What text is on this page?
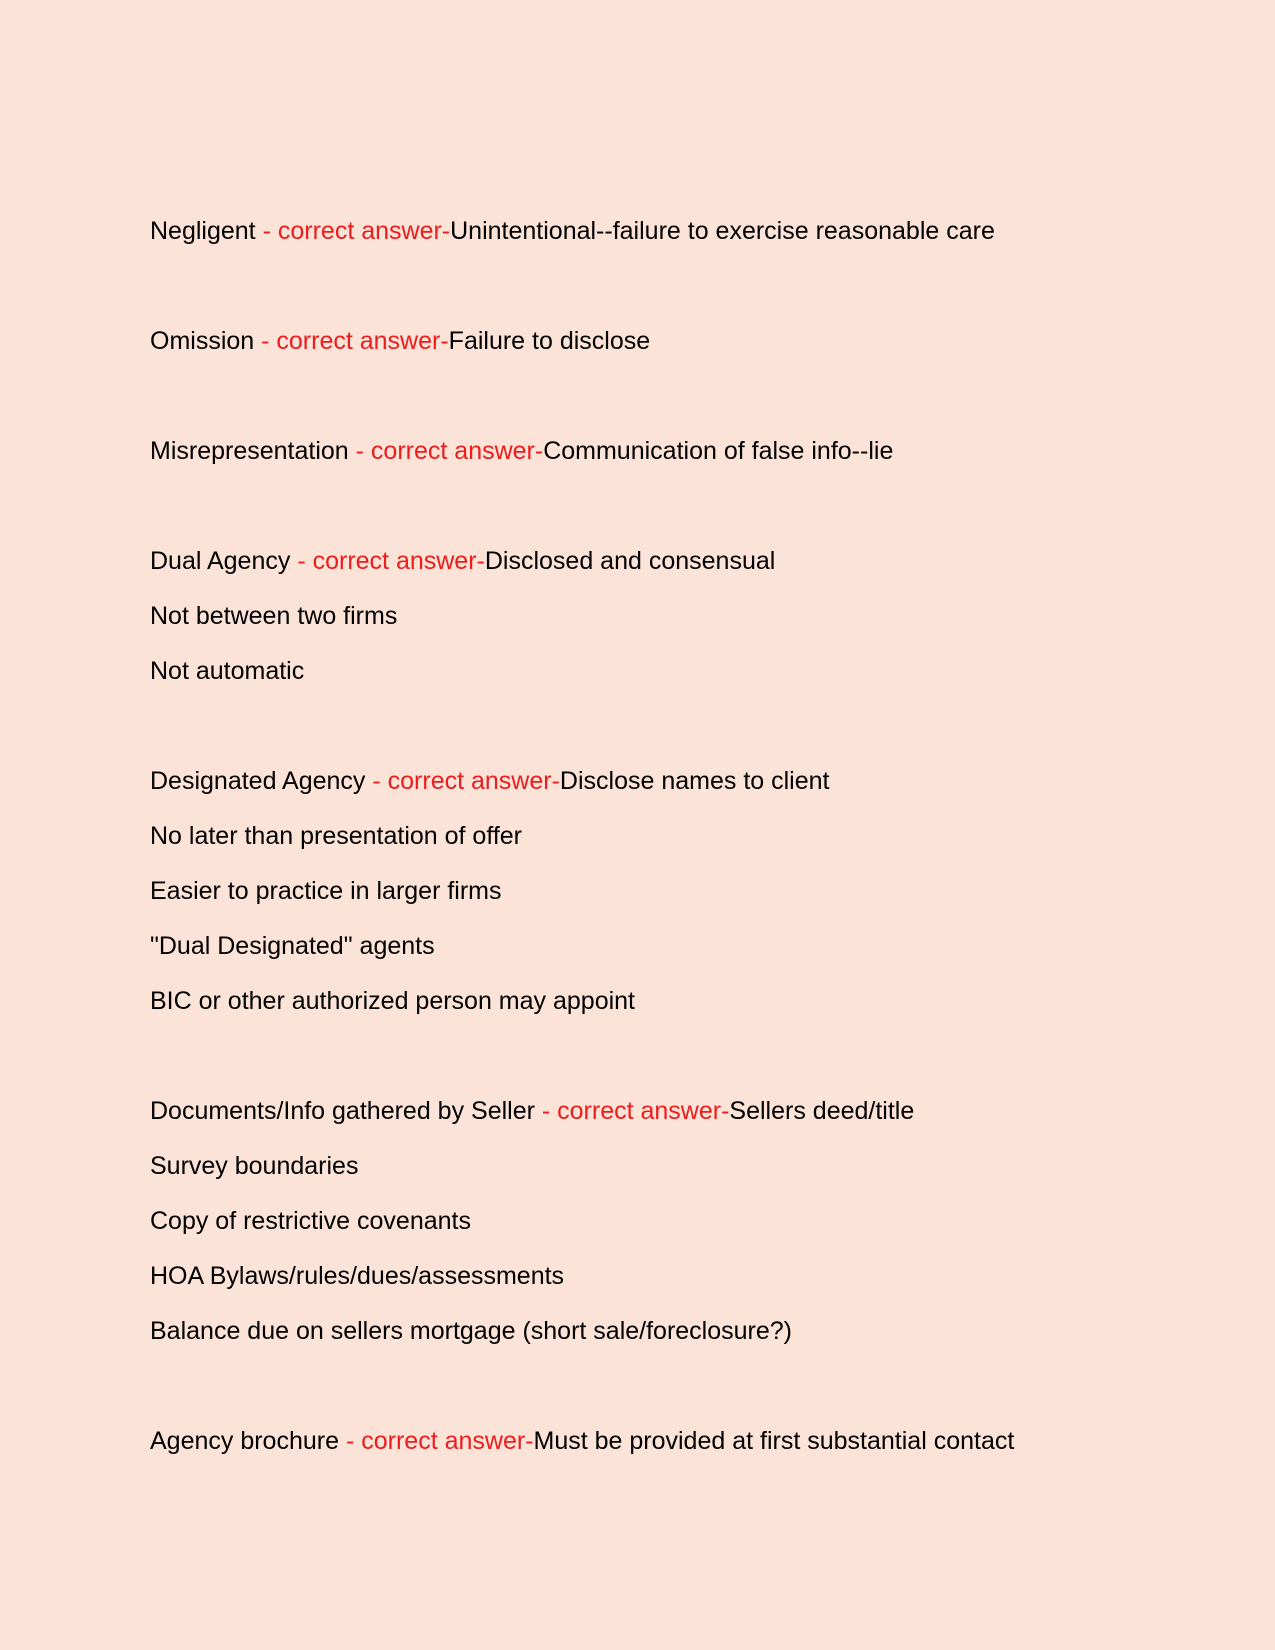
Negligent - correct answer-Unintentional--failure to exercise reasonable care
Omission - correct answer-Failure to disclose
Misrepresentation - correct answer-Communication of false info--lie
Dual Agency - correct answer-Disclosed and consensual
Not between two firms
Not automatic
Designated Agency - correct answer-Disclose names to client
No later than presentation of offer
Easier to practice in larger firms
"Dual Designated" agents
BIC or other authorized person may appoint
Documents/Info gathered by Seller - correct answer-Sellers deed/title
Survey boundaries
Copy of restrictive covenants
HOA Bylaws/rules/dues/assessments
Balance due on sellers mortgage (short sale/foreclosure?)
Agency brochure - correct answer-Must be provided at first substantial contact
